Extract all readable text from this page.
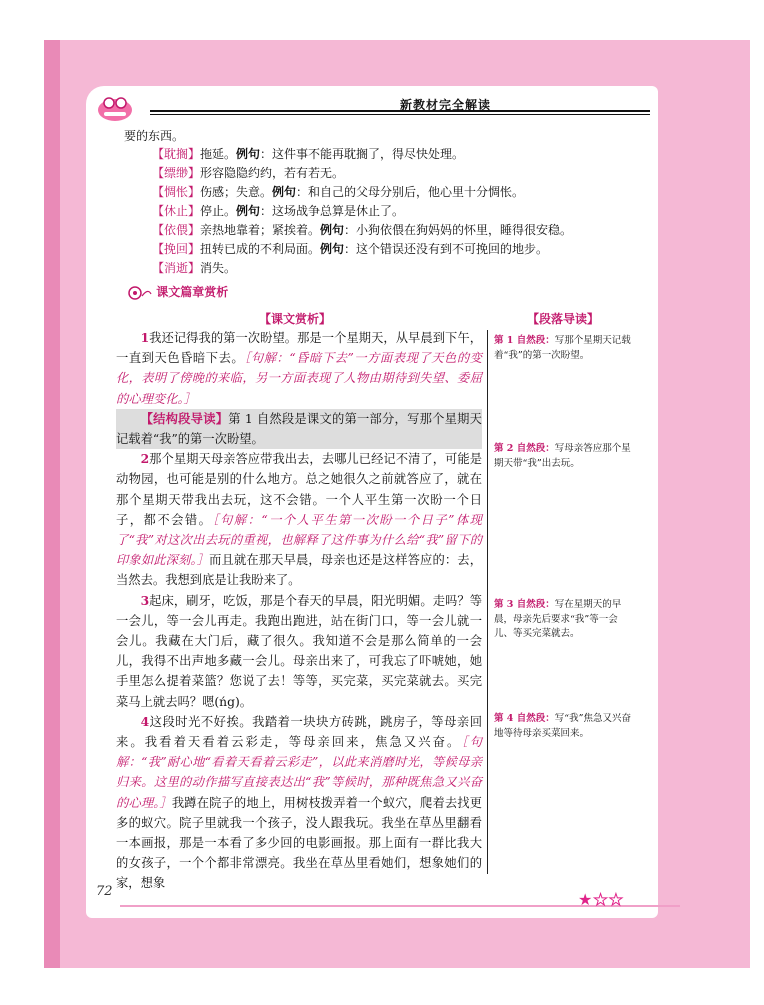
新教材完全解读
要的东西。
【耽搁】拖延。例句：这件事不能再耽搁了，得尽快处理。
【缥缈】形容隐隐约约，若有若无。
【惆怅】伤感；失意。例句：和自己的父母分别后，他心里十分惆怅。
【休止】停止。例句：这场战争总算是休止了。
【依偎】亲热地靠着；紧挨着。例句：小狗依偎在狗妈妈的怀里，睡得很安稳。
【挽回】扭转已成的不利局面。例句：这个错误还没有到不可挽回的地步。
【消逝】消失。
课文篇章赏析
【课文赏析】	【段落导读】

1我还记得我的第一次盼望。那是一个星期天，从早晨到下午，一直到天色昏暗下去。［句解：“昏暗下去”一方面表现了天色的变化，表明了傍晚的来临，另一方面表现了人物由期待到失望、委屈的心理变化。］

【结构段导读】第 1 自然段是课文的第一部分，写那个星期天记载着“我”的第一次盼望。

2那个星期天母亲答应带我出去，去哪儿已经记不清了，可能是动物园，也可能是别的什么地方。总之她很久之前就答应了，就在那个星期天带我出去玩，这不会错。一个人平生第一次盼一个日子，都不会错。［句解：“一个人平生第一次盼一个日子”体现了“我”对这次出去玩的重视，也解释了这件事为什么给“我”留下的印象如此深刻。］而且就在那天早晨，母亲也还是这样答应的：去，当然去。我想到底是让我盼来了。

3起床，刷牙，吃饭，那是个春天的早晨，阳光明媚。走吗？等一会儿，等一会儿再走。我跑出跑进，站在街门口，等一会儿就一会儿。我藏在大门后，藏了很久。我知道不会是那么简单的一会儿，我得不出声地多藏一会儿。母亲出来了，可我忘了吓唬她，她手里怎么提着菜篮？您说了去！等等，买完菜，买完菜就去。买完菜马上就去吗？嗯(ńg)。

4这段时光不好挨。我踏着一块块方砖跳，跳房子，等母亲回来。我看着天看着云彩走，等母亲回来，焦急又兴奋。［句解：“我”耐心地“看着天看着云彩走”，以此来消磨时光，等候母亲归来。这里的动作描写直接表达出“我”等候时，那种既焦急又兴奋的心理。］我蹲在院子的地上，用树枝拨弄着一个蚁穴，爬着去找更多的蚁穴。院子里就我一个孩子，没人跟我玩。我坐在草丛里翻看一本画报，那是一本看了多少回的电影画报。那上面有一群比我大的女孩子，一个个都非常漂亮。我坐在草丛里看她们，想象她们的家，想象

第 1 自然段：写那个星期天记载着“我”的第一次盼望。
第 2 自然段：写母亲答应那个星期天带“我”出去玩。
第 3 自然段：写在星期天的早晨，母亲先后要求“我”等一会儿、等买完菜就去。
第 4 自然段：写“我”焦急又兴奋地等待母亲买菜回来。
72	★★★
